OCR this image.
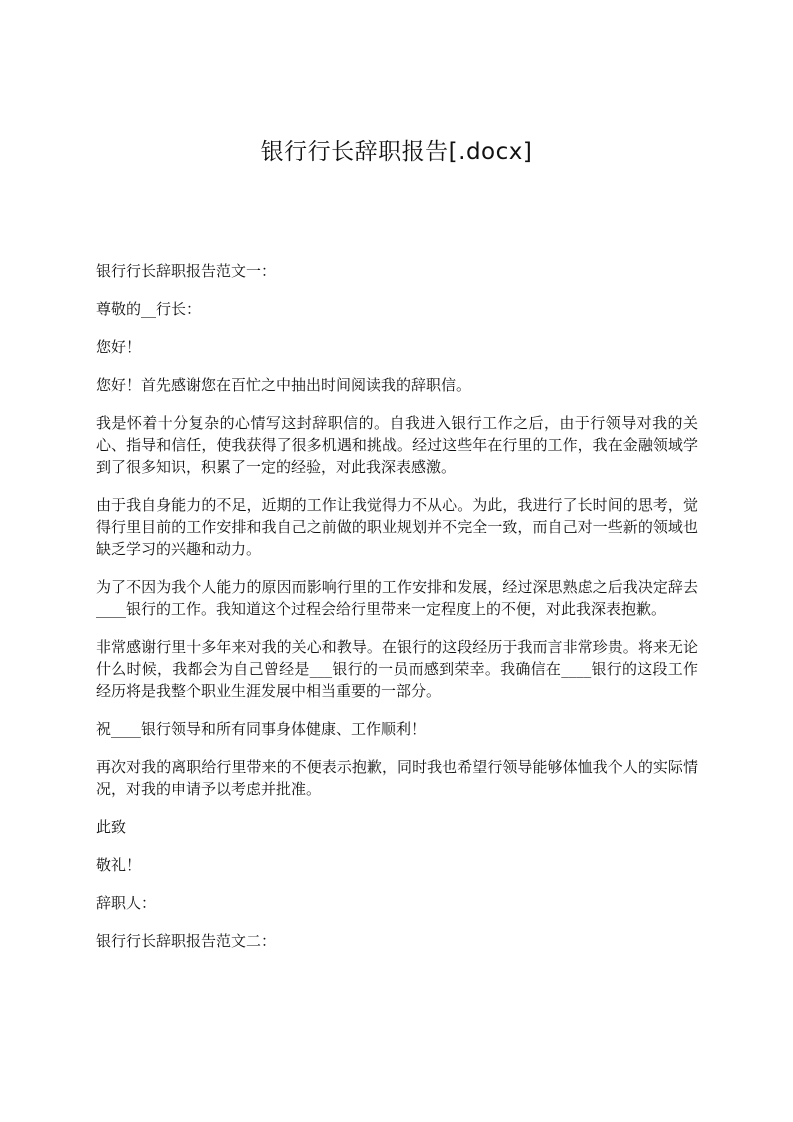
银行行长辞职报告[.docx]

银行行长辞职报告范文一：

尊敬的__行长：

您好！

您好！首先感谢您在百忙之中抽出时间阅读我的辞职信。

我是怀着十分复杂的心情写这封辞职信的。自我进入银行工作之后，由于行领导对我的关心、指导和信任，使我获得了很多机遇和挑战。经过这些年在行里的工作，我在金融领域学到了很多知识，积累了一定的经验，对此我深表感激。

由于我自身能力的不足，近期的工作让我觉得力不从心。为此，我进行了长时间的思考，觉得行里目前的工作安排和我自己之前做的职业规划并不完全一致，而自己对一些新的领域也缺乏学习的兴趣和动力。

为了不因为我个人能力的原因而影响行里的工作安排和发展，经过深思熟虑之后我决定辞去____银行的工作。我知道这个过程会给行里带来一定程度上的不便，对此我深表抱歉。

非常感谢行里十多年来对我的关心和教导。在银行的这段经历于我而言非常珍贵。将来无论什么时候，我都会为自己曾经是___银行的一员而感到荣幸。我确信在____银行的这段工作经历将是我整个职业生涯发展中相当重要的一部分。

祝____银行领导和所有同事身体健康、工作顺利！

再次对我的离职给行里带来的不便表示抱歉，同时我也希望行领导能够体恤我个人的实际情况，对我的申请予以考虑并批准。

此致

敬礼！

辞职人：

银行行长辞职报告范文二：
